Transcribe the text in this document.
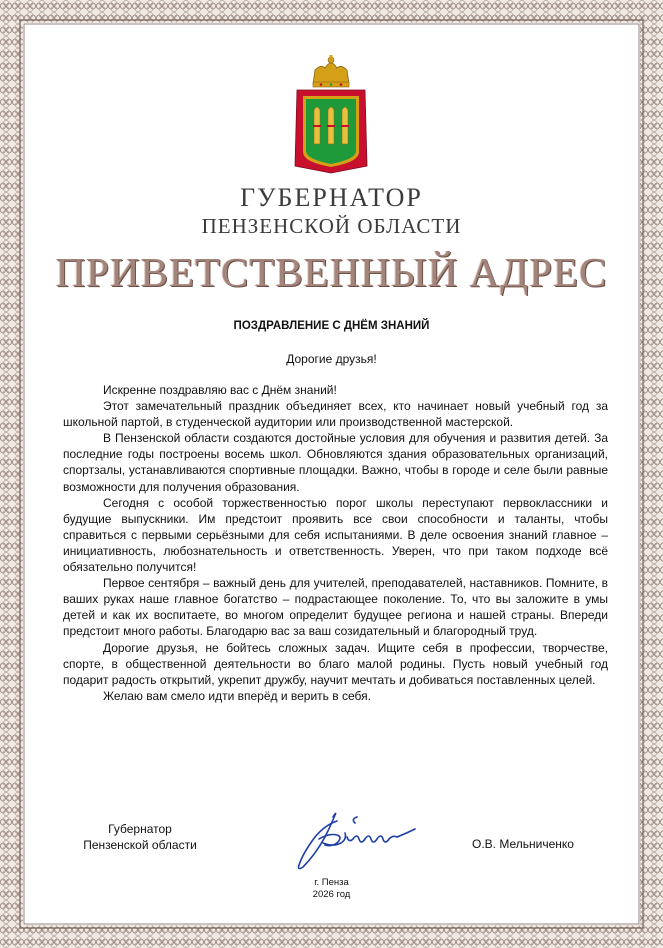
ГУБЕРНАТОР
ПЕНЗЕНСКОЙ ОБЛАСТИ
ПРИВЕТСТВЕННЫЙ АДРЕС

ПОЗДРАВЛЕНИЕ С ДНЁМ ЗНАНИЙ

Дорогие друзья!

Искренне поздравляю вас с Днём знаний!

Этот замечательный праздник объединяет всех, кто начинает новый учебный год за школьной партой, в студенческой аудитории или производственной мастерской.

В Пензенской области создаются достойные условия для обучения и развития детей. За последние годы построены восемь школ. Обновляются здания образовательных организаций, спортзалы, устанавливаются спортивные площадки. Важно, чтобы в городе и селе были равные возможности для получения образования.

Сегодня с особой торжественностью порог школы переступают первоклассники и будущие выпускники. Им предстоит проявить все свои способности и таланты, чтобы справиться с первыми серьёзными для себя испытаниями. В деле освоения знаний главное – инициативность, любознательность и ответственность. Уверен, что при таком подходе всё обязательно получится!

Первое сентября – важный день для учителей, преподавателей, наставников. Помните, в ваших руках наше главное богатство – подрастающее поколение. То, что вы заложите в умы детей и как их воспитаете, во многом определит будущее региона и нашей страны. Впереди предстоит много работы. Благодарю вас за ваш созидательный и благородный труд.

Дорогие друзья, не бойтесь сложных задач. Ищите себя в профессии, творчестве, спорте, в общественной деятельности во благо малой родины. Пусть новый учебный год подарит радость открытий, укрепит дружбу, научит мечтать и добиваться поставленных целей.

Желаю вам смело идти вперёд и верить в себя.

Губернатор
Пензенской области	О.В. Мельниченко
г. Пенза
2026 год
